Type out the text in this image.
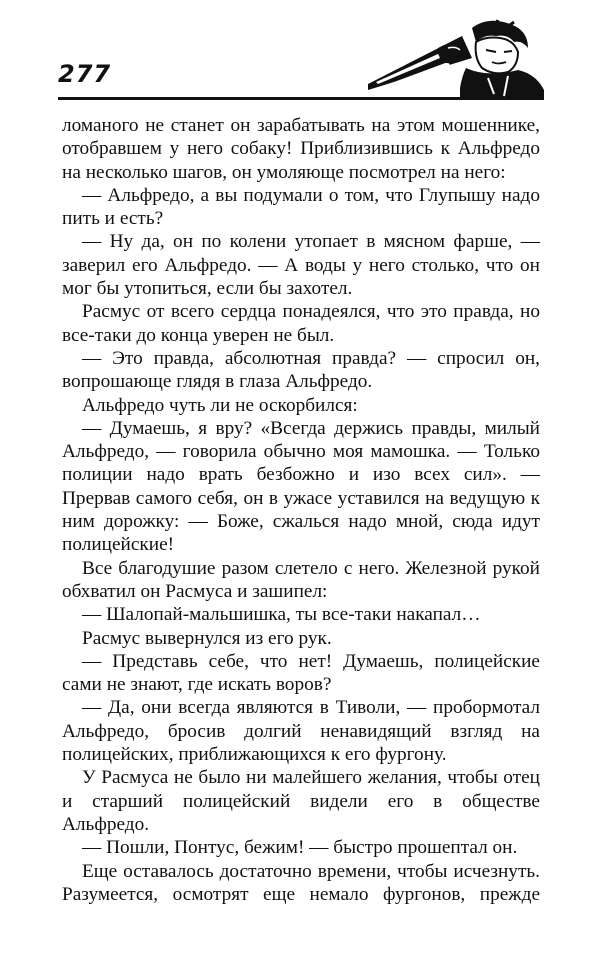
277

ломаного не станет он зарабатывать на этом мошеннике, отобравшем у него собаку! Приблизившись к Альфредо на несколько шагов, он умоляюще посмотрел на него:

— Альфредо, а вы подумали о том, что Глупышу надо пить и есть?

— Ну да, он по колени утопает в мясном фарше, — заверил его Альфредо. — А воды у него столько, что он мог бы утопиться, если бы захотел.

Расмус от всего сердца понадеялся, что это правда, но все-таки до конца уверен не был.

— Это правда, абсолютная правда? — спросил он, вопрошающе глядя в глаза Альфредо.

Альфредо чуть ли не оскорбился:

— Думаешь, я вру? «Всегда держись правды, милый Альфредо, — говорила обычно моя мамошка. — Только полиции надо врать безбожно и изо всех сил». — Прервав самого себя, он в ужасе уставился на ведущую к ним дорожку: — Боже, сжалься надо мной, сюда идут полицейские!

Все благодушие разом слетело с него. Железной рукой обхватил он Расмуса и зашипел:

— Шалопай-мальшишка, ты все-таки накапал…

Расмус вывернулся из его рук.

— Представь себе, что нет! Думаешь, полицейские сами не знают, где искать воров?

— Да, они всегда являются в Тиволи, — пробормотал Альфредо, бросив долгий ненавидящий взгляд на полицейских, приближающихся к его фургону.

У Расмуса не было ни малейшего желания, чтобы отец и старший полицейский видели его в обществе Альфредо.

— Пошли, Понтус, бежим! — быстро прошептал он.

Еще оставалось достаточно времени, чтобы исчезнуть. Разумеется, осмотрят еще немало фургонов, прежде
